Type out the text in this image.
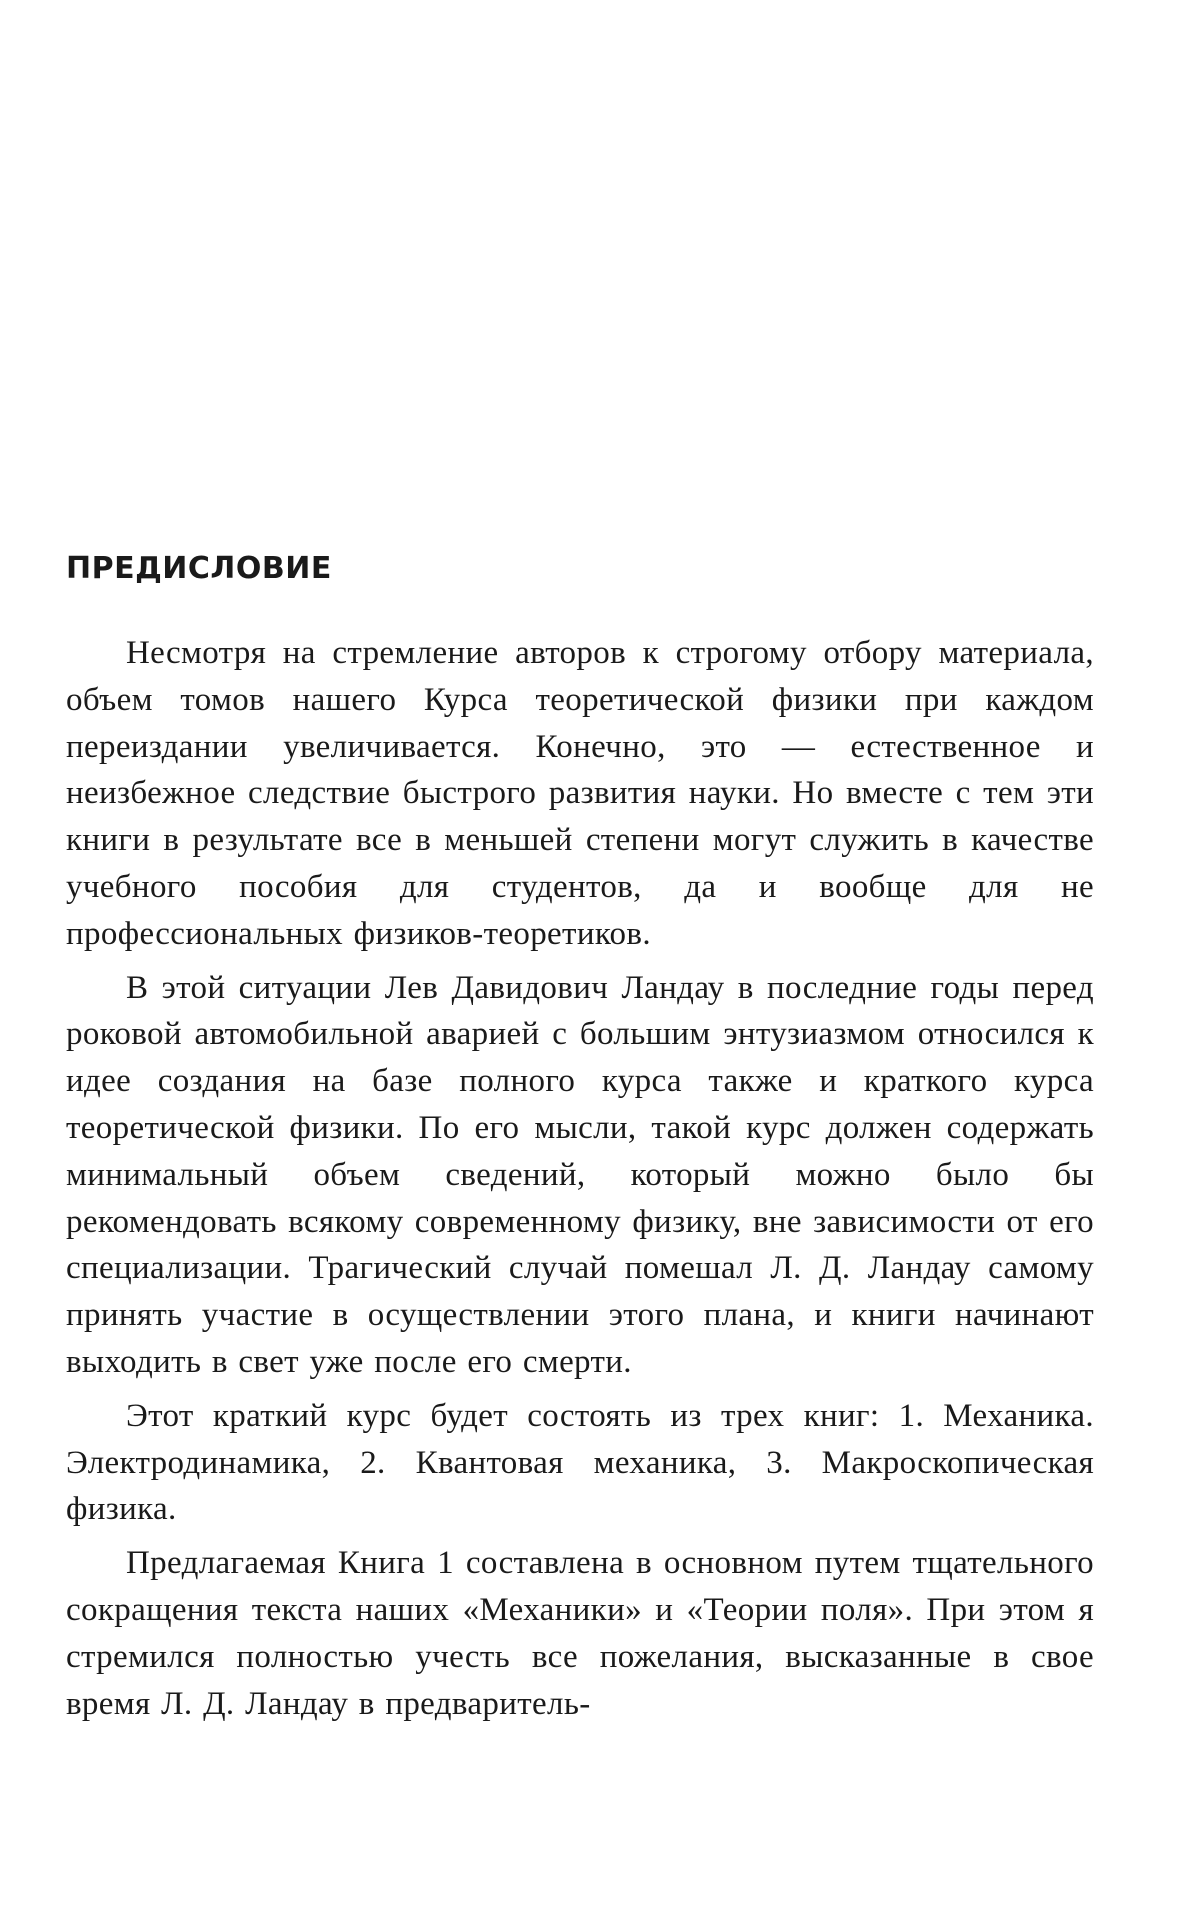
ПРЕДИСЛОВИЕ

Несмотря на стремление авторов к строгому отбору материала, объем томов нашего Курса теоретической физики при каждом переиздании увеличивается. Конечно, это — естественное и неизбежное следствие быстрого развития науки. Но вместе с тем эти книги в результате все в меньшей степени могут служить в качестве учебного пособия для студентов, да и вообще для не профессиональных физиков-теоретиков.

В этой ситуации Лев Давидович Ландау в последние годы перед роковой автомобильной аварией с большим энтузиазмом относился к идее создания на базе полного курса также и краткого курса теоретической физики. По его мысли, такой курс должен содержать минимальный объем сведений, который можно было бы рекомендовать всякому современному физику, вне зависимости от его специализации. Трагический случай помешал Л. Д. Ландау самому принять участие в осуществлении этого плана, и книги начинают выходить в свет уже после его смерти.

Этот краткий курс будет состоять из трех книг: 1. Механика. Электродинамика, 2. Квантовая механика, 3. Макроскопическая физика.

Предлагаемая Книга 1 составлена в основном путем тщательного сокращения текста наших «Механики» и «Теории поля». При этом я стремился полностью учесть все пожелания, высказанные в свое время Л. Д. Ландау в предваритель-
